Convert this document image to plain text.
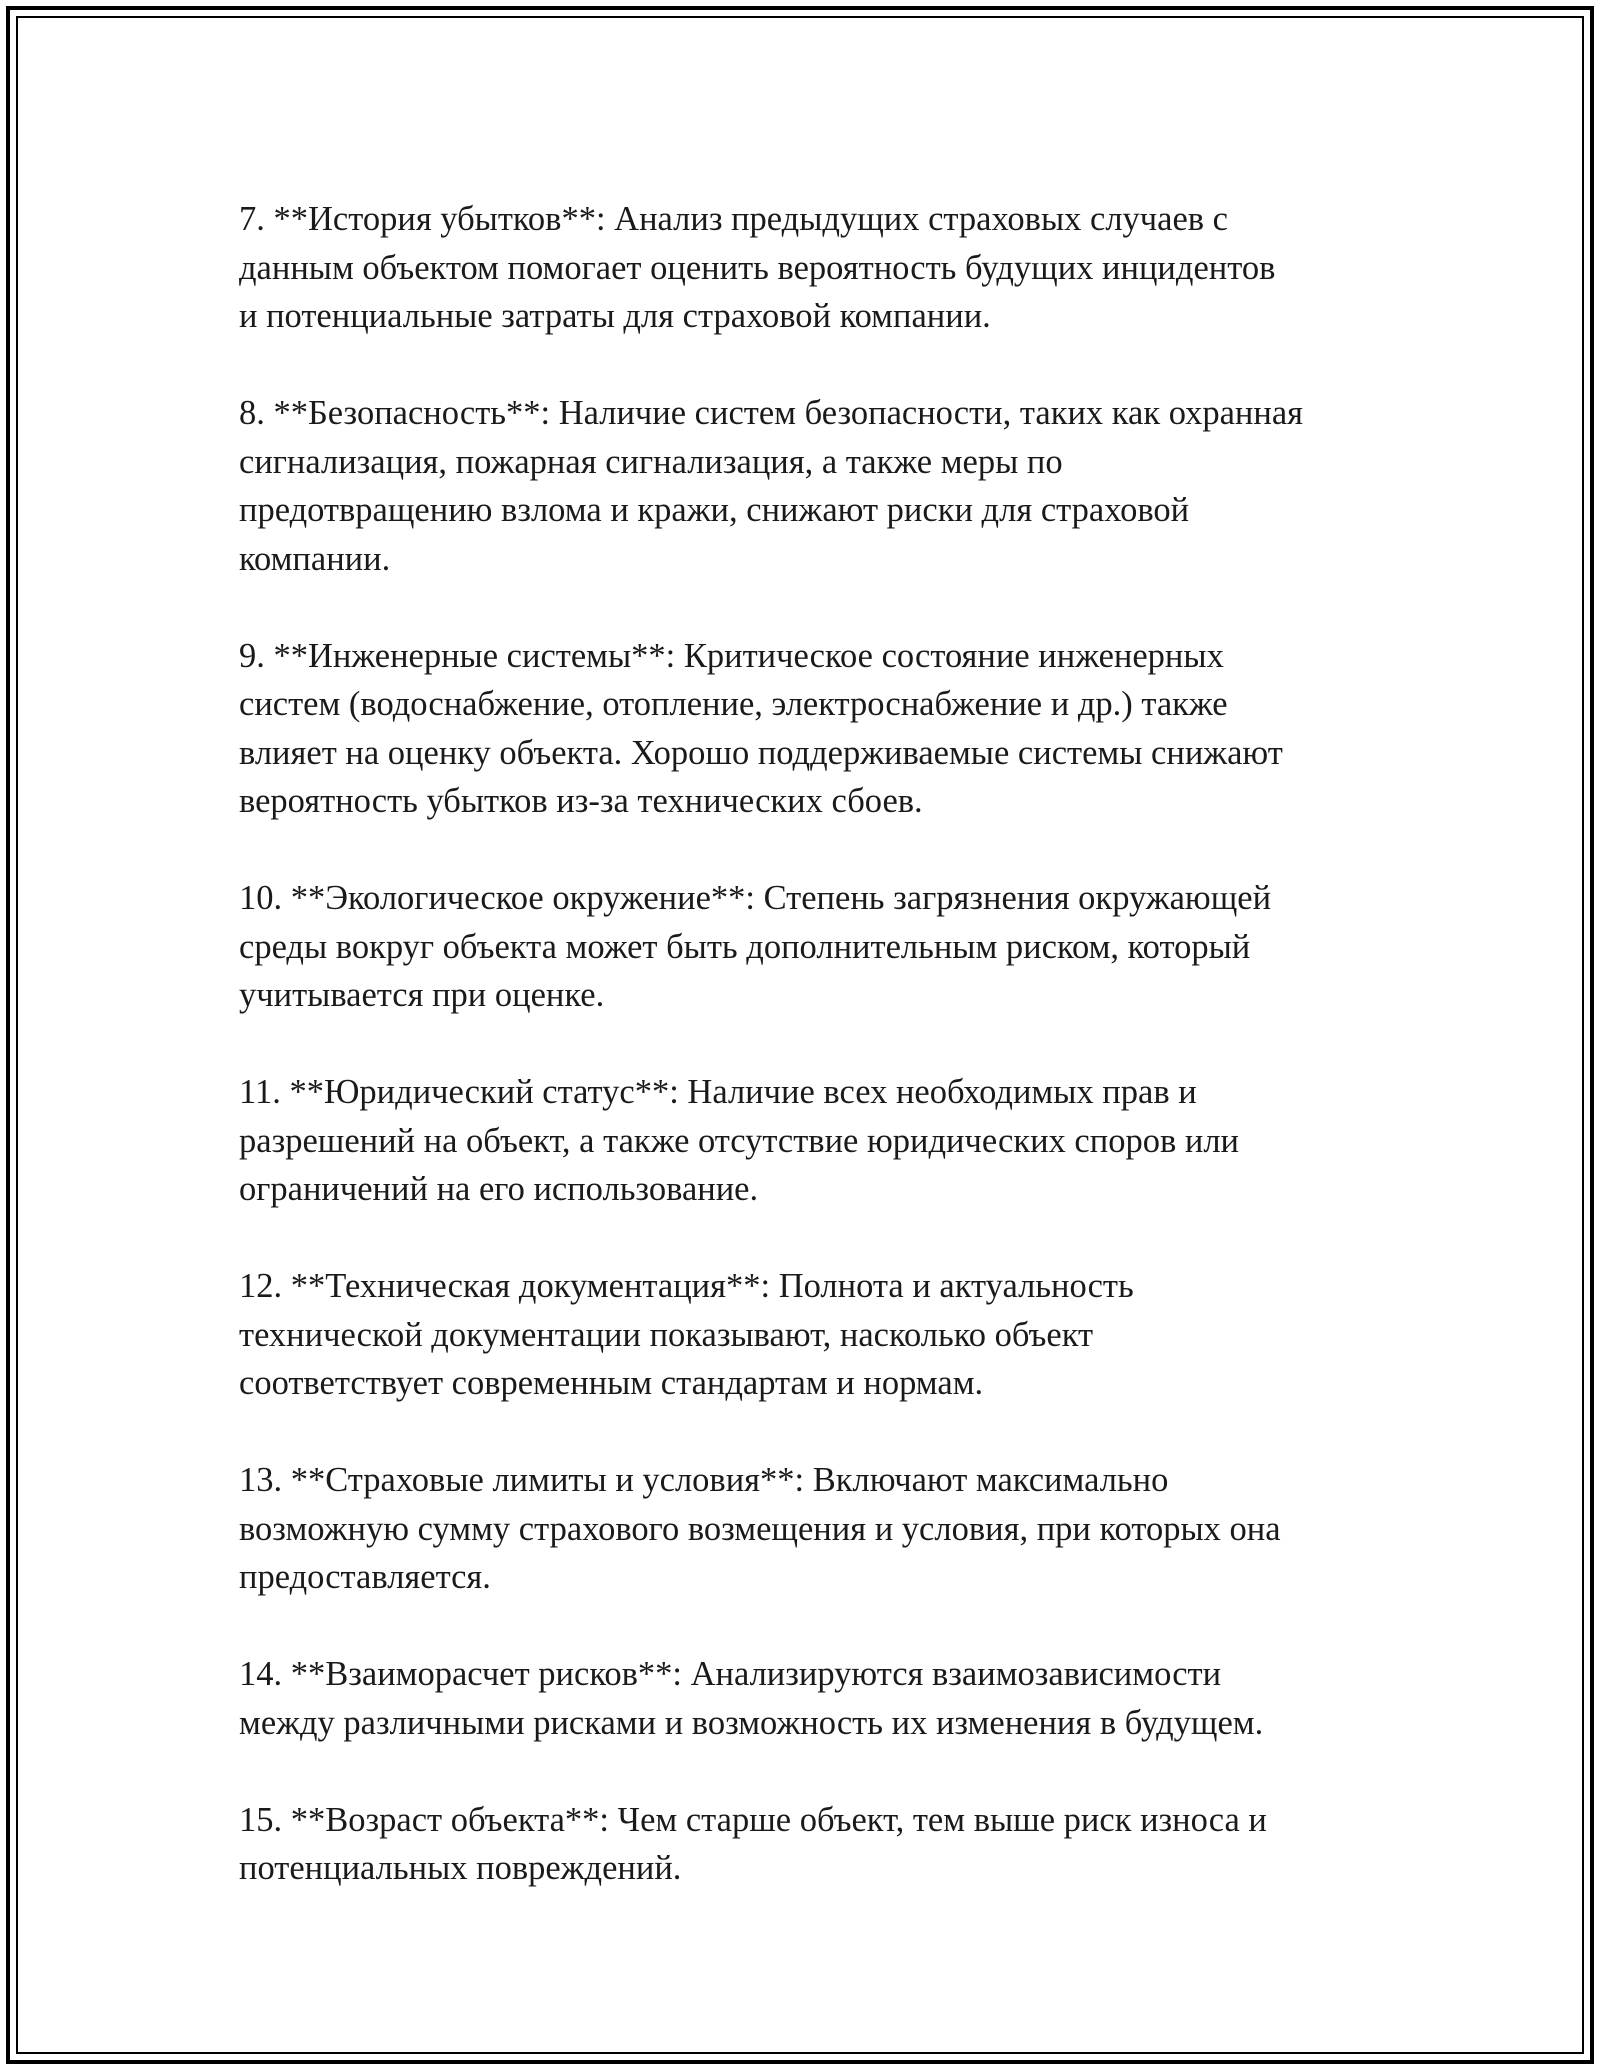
7. **История убытков**: Анализ предыдущих страховых случаев с
данным объектом помогает оценить вероятность будущих инцидентов
и потенциальные затраты для страховой компании.

8. **Безопасность**: Наличие систем безопасности, таких как охранная
сигнализация, пожарная сигнализация, а также меры по
предотвращению взлома и кражи, снижают риски для страховой
компании.

9. **Инженерные системы**: Критическое состояние инженерных
систем (водоснабжение, отопление, электроснабжение и др.) также
влияет на оценку объекта. Хорошо поддерживаемые системы снижают
вероятность убытков из-за технических сбоев.

10. **Экологическое окружение**: Степень загрязнения окружающей
среды вокруг объекта может быть дополнительным риском, который
учитывается при оценке.

11. **Юридический статус**: Наличие всех необходимых прав и
разрешений на объект, а также отсутствие юридических споров или
ограничений на его использование.

12. **Техническая документация**: Полнота и актуальность
технической документации показывают, насколько объект
соответствует современным стандартам и нормам.

13. **Страховые лимиты и условия**: Включают максимально
возможную сумму страхового возмещения и условия, при которых она
предоставляется.

14. **Взаиморасчет рисков**: Анализируются взаимозависимости
между различными рисками и возможность их изменения в будущем.

15. **Возраст объекта**: Чем старше объект, тем выше риск износа и
потенциальных повреждений.
